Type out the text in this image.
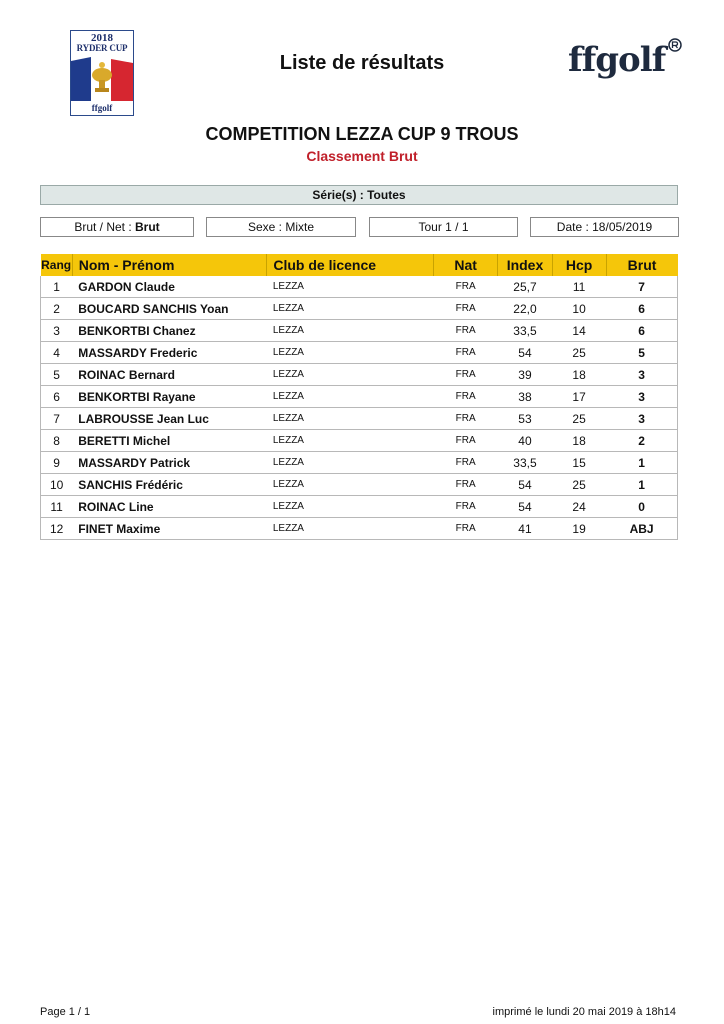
2018
RYDER CUP
ffgolf
Liste de résultats	ffgolf
COMPETITION LEZZA CUP 9 TROUS
Classement Brut
Série(s) : Toutes
Brut / Net : Brut	Sexe : Mixte	Tour 1 / 1	Date : 18/05/2019
Rang	Nom - Prénom	Club de licence	Nat	Index	Hcp	Brut
1	GARDON Claude	LEZZA	FRA	25,7	11	7
2	BOUCARD SANCHIS Yoan	LEZZA	FRA	22,0	10	6
3	BENKORTBI Chanez	LEZZA	FRA	33,5	14	6
4	MASSARDY Frederic	LEZZA	FRA	54	25	5
5	ROINAC Bernard	LEZZA	FRA	39	18	3
6	BENKORTBI Rayane	LEZZA	FRA	38	17	3
7	LABROUSSE Jean Luc	LEZZA	FRA	53	25	3
8	BERETTI Michel	LEZZA	FRA	40	18	2
9	MASSARDY Patrick	LEZZA	FRA	33,5	15	1
10	SANCHIS Frédéric	LEZZA	FRA	54	25	1
11	ROINAC Line	LEZZA	FRA	54	24	0
12	FINET Maxime	LEZZA	FRA	41	19	ABJ
Page 1 / 1	imprimé le lundi 20 mai 2019 à 18h14
